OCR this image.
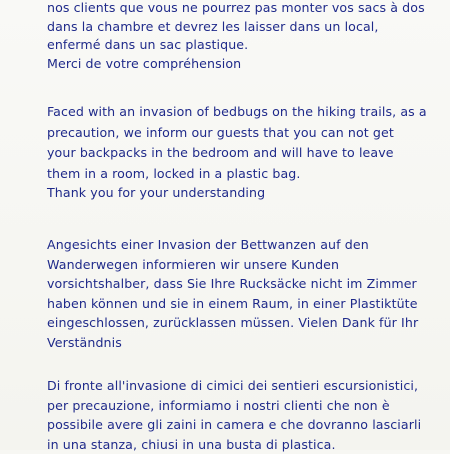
nos clients que vous ne pourrez pas monter vos sacs à dos
dans la chambre et devrez les laisser dans un local,
enfermé dans un sac plastique.
Merci de votre compréhension

Faced with an invasion of bedbugs on the hiking trails, as a
precaution, we inform our guests that you can not get
your backpacks in the bedroom and will have to leave
them in a room, locked in a plastic bag.

Thank you for your understanding

Angesichts einer Invasion der Bettwanzen auf den
Wanderwegen informieren wir unsere Kunden
vorsichtshalber, dass Sie Ihre Rucksäcke nicht im Zimmer
haben können und sie in einem Raum, in einer Plastiktüte
eingeschlossen, zurücklassen müssen. Vielen Dank für Ihr
Verständnis

Di fronte all'invasione di cimici dei sentieri escursionistici,
per precauzione, informiamo i nostri clienti che non è
possibile avere gli zaini in camera e che dovranno lasciarli
in una stanza, chiusi in una busta di plastica.
